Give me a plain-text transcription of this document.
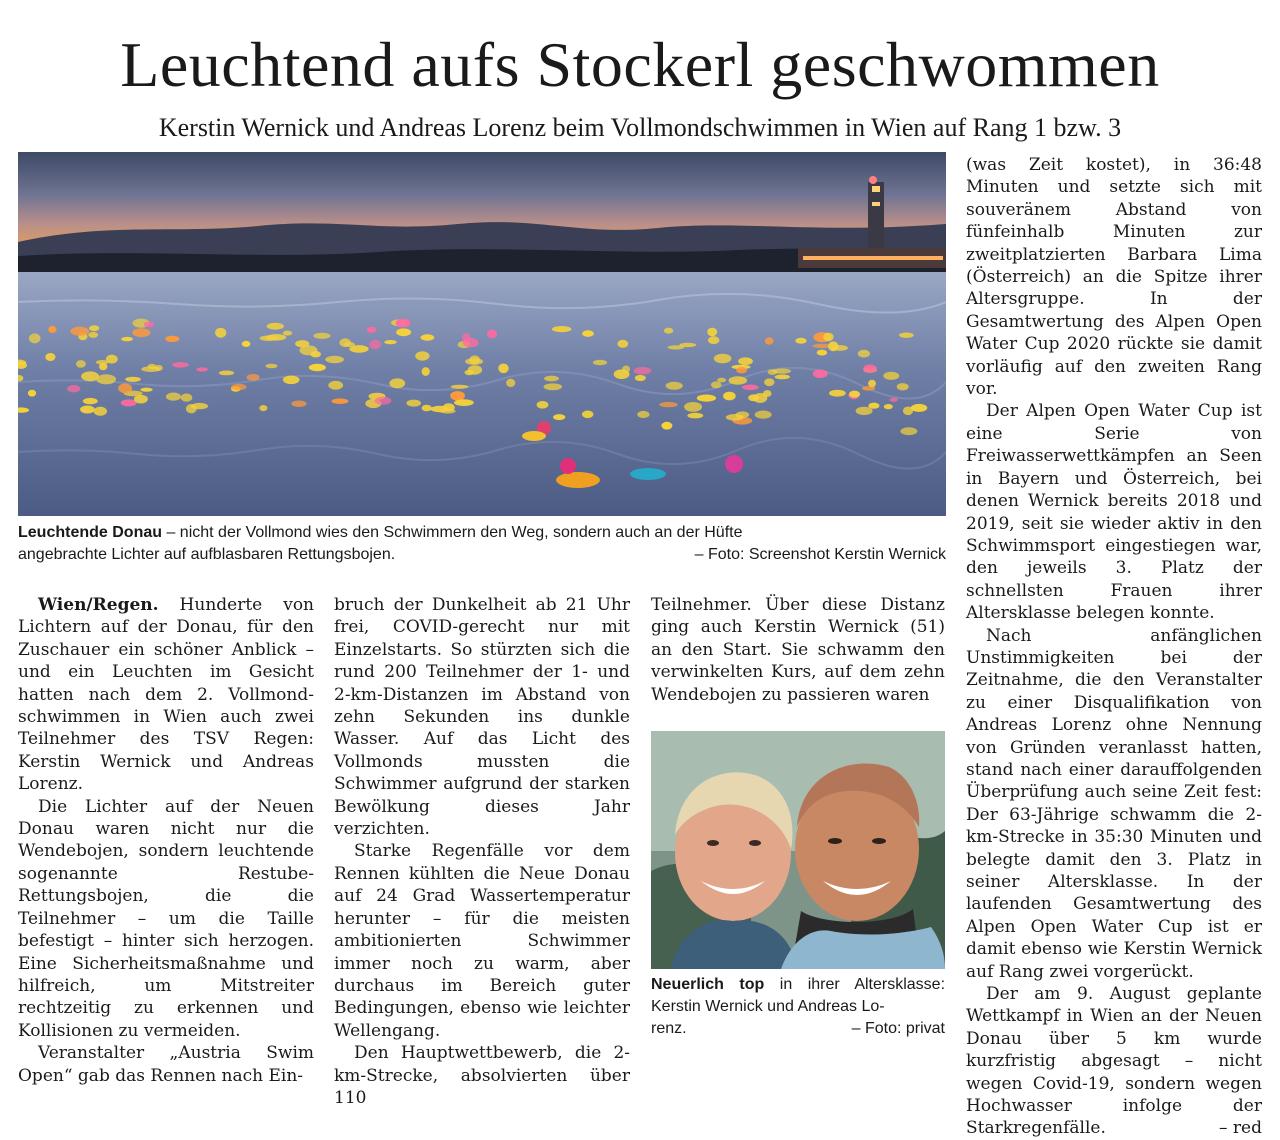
Leuchtend aufs Stockerl geschwommen
Kerstin Wernick und Andreas Lorenz beim Vollmondschwimmen in Wien auf Rang 1 bzw. 3
Leuchtende Donau – nicht der Vollmond wies den Schwimmern den Weg, sondern auch an der Hüfte
angebrachte Lichter auf aufblasbaren Rettungsbojen.	– Foto: Screenshot Kerstin Wernick

Wien/Regen. Hunderte von Lichtern auf der Donau, für den Zuschauer ein schöner Anblick – und ein Leuchten im Gesicht hatten nach dem 2. Vollmond-schwimmen in Wien auch zwei Teilnehmer des TSV Regen: Kerstin Wernick und Andreas Lorenz.

Die Lichter auf der Neuen Donau waren nicht nur die Wendebojen, sondern leuchtende sogenannte Restube-Rettungsbojen, die die Teilnehmer – um die Taille befestigt – hinter sich herzogen. Eine Sicherheitsmaßnahme und hilfreich, um Mitstreiter rechtzeitig zu erkennen und Kollisionen zu vermeiden.

Veranstalter „Austria Swim Open“ gab das Rennen nach Ein-

bruch der Dunkelheit ab 21 Uhr frei, COVID-gerecht nur mit Einzelstarts. So stürzten sich die rund 200 Teilnehmer der 1- und 2-km-Distanzen im Abstand von zehn Sekunden ins dunkle Wasser. Auf das Licht des Vollmonds mussten die Schwimmer aufgrund der starken Bewölkung dieses Jahr verzichten.

Starke Regenfälle vor dem Rennen kühlten die Neue Donau auf 24 Grad Wassertemperatur herunter – für die meisten ambitionierten Schwimmer immer noch zu warm, aber durchaus im Bereich guter Bedingungen, ebenso wie leichter Wellengang.

Den Hauptwettbewerb, die 2-km-Strecke, absolvierten über 110

Teilnehmer. Über diese Distanz ging auch Kerstin Wernick (51) an den Start. Sie schwamm den verwinkelten Kurs, auf dem zehn Wendebojen zu passieren waren

Neuerlich top in ihrer Altersklasse: Kerstin Wernick und Andreas Lo-
renz.	– Foto: privat

(was Zeit kostet), in 36:48 Minuten und setzte sich mit souveränem Abstand von fünfeinhalb Minuten zur zweitplatzierten Barbara Lima (Österreich) an die Spitze ihrer Altersgruppe. In der Gesamtwertung des Alpen Open Water Cup 2020 rückte sie damit vorläufig auf den zweiten Rang vor.

Der Alpen Open Water Cup ist eine Serie von Freiwasserwettkämpfen an Seen in Bayern und Österreich, bei denen Wernick bereits 2018 und 2019, seit sie wieder aktiv in den Schwimmsport eingestiegen war, den jeweils 3. Platz der schnellsten Frauen ihrer Altersklasse belegen konnte.

Nach anfänglichen Unstimmigkeiten bei der Zeitnahme, die den Veranstalter zu einer Disqualifikation von Andreas Lorenz ohne Nennung von Gründen veranlasst hatten, stand nach einer darauffolgenden Überprüfung auch seine Zeit fest: Der 63-Jährige schwamm die 2-km-Strecke in 35:30 Minuten und belegte damit den 3. Platz in seiner Altersklasse. In der laufenden Gesamtwertung des Alpen Open Water Cup ist er damit ebenso wie Kerstin Wernick auf Rang zwei vorgerückt.

Der am 9. August geplante Wettkampf in Wien an der Neuen Donau über 5 km wurde kurzfristig abgesagt – nicht wegen Covid-19, sondern wegen Hochwasser infolge der Starkregenfälle.	– red
